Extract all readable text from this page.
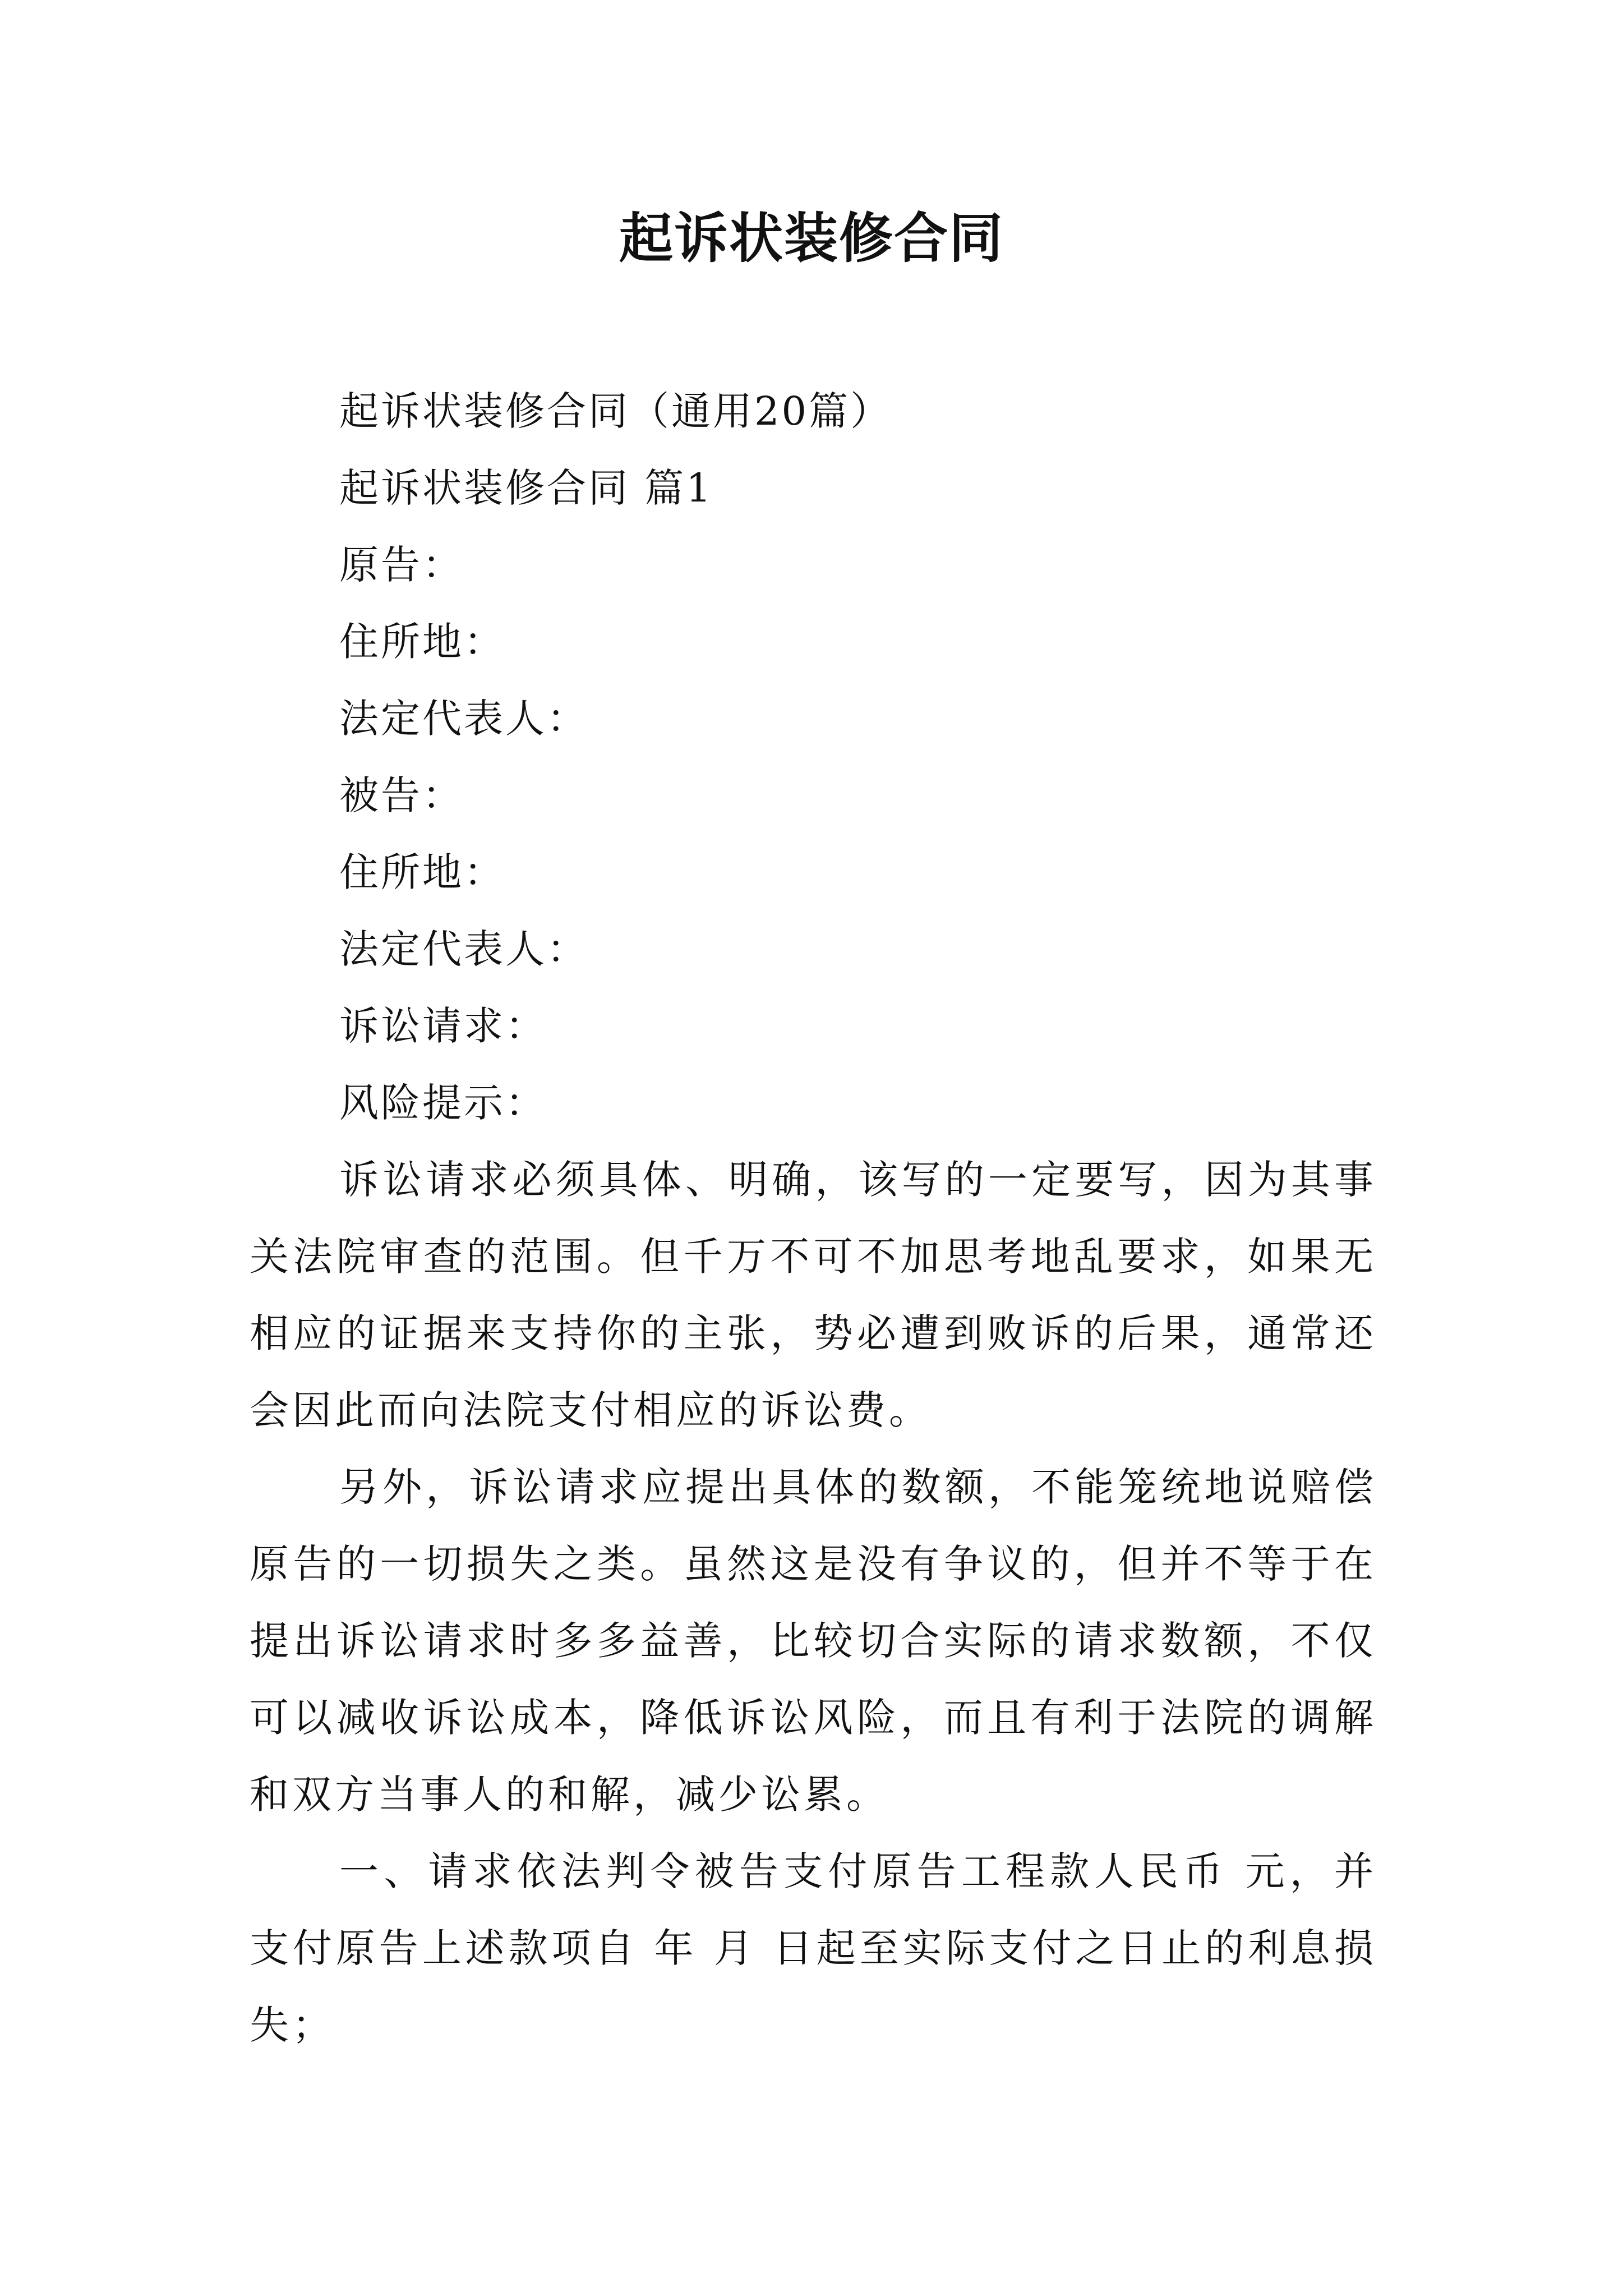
起诉状装修合同

起诉状装修合同（通用20篇）

起诉状装修合同 篇1

原告：

住所地：

法定代表人：

被告：

住所地：

法定代表人：

诉讼请求：

风险提示：

诉讼请求必须具体、明确，该写的一定要写，因为其事关法院审查的范围。但千万不可不加思考地乱要求，如果无相应的证据来支持你的主张，势必遭到败诉的后果，通常还会因此而向法院支付相应的诉讼费。

另外，诉讼请求应提出具体的数额，不能笼统地说赔偿原告的一切损失之类。虽然这是没有争议的，但并不等于在提出诉讼请求时多多益善，比较切合实际的请求数额，不仅可以减收诉讼成本，降低诉讼风险，而且有利于法院的调解和双方当事人的和解，减少讼累。

一、请求依法判令被告支付原告工程款人民币 元，并支付原告上述款项自 年 月 日起至实际支付之日止的利息损失；
